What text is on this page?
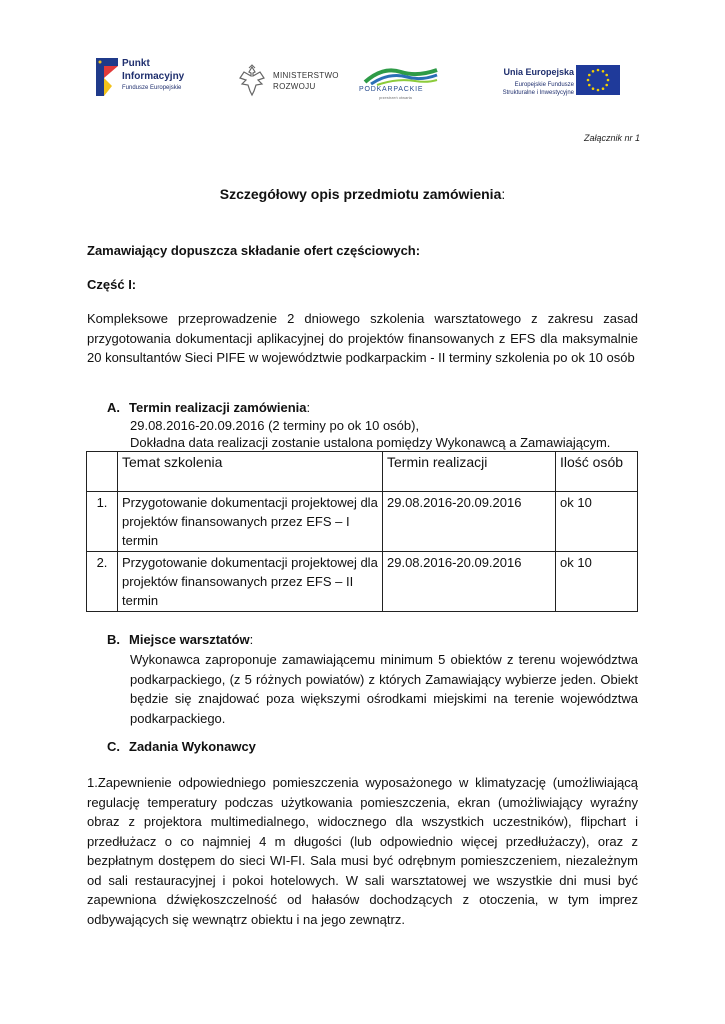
Punkt
Informacyjny
Fundusze Europejskie
MINISTERSTWO
ROZWOJU	PODKARPACKIE
przestrzeń otwarta
Unia Europejska
Europejskie Fundusze
Strukturalne i Inwestycyjne
Załącznik nr 1
Szczegółowy opis przedmiotu zamówienia:
Zamawiający dopuszcza składanie ofert częściowych:
Część I:
Kompleksowe przeprowadzenie 2 dniowego szkolenia warsztatowego z zakresu zasad przygotowania dokumentacji aplikacyjnej do projektów finansowanych z EFS dla maksymalnie 20 konsultantów Sieci PIFE w województwie podkarpackim - II terminy szkolenia po ok 10 osób
A. Termin realizacji zamówienia:
29.08.2016-20.09.2016 (2 terminy po ok 10 osób),
Dokładna data realizacji zostanie ustalona pomiędzy Wykonawcą a Zamawiającym.
	Temat szkolenia	Termin realizacji	Ilość osób
1.	Przygotowanie dokumentacji projektowej dla projektów finansowanych przez EFS – I termin	29.08.2016-20.09.2016	ok 10
2.	Przygotowanie dokumentacji projektowej dla projektów finansowanych przez EFS – II termin	29.08.2016-20.09.2016	ok 10
B. Miejsce warsztatów:
Wykonawca zaproponuje zamawiającemu minimum 5 obiektów z terenu województwa podkarpackiego, (z 5 różnych powiatów) z których Zamawiający wybierze jeden. Obiekt będzie się znajdować poza większymi ośrodkami miejskimi na terenie województwa podkarpackiego.
C. Zadania Wykonawcy
1.Zapewnienie odpowiedniego pomieszczenia wyposażonego w klimatyzację (umożliwiającą regulację temperatury podczas użytkowania pomieszczenia, ekran (umożliwiający wyraźny obraz z projektora multimedialnego, widocznego dla wszystkich uczestników), flipchart i przedłużacz o co najmniej 4 m długości (lub odpowiednio więcej przedłużaczy), oraz z bezpłatnym dostępem do sieci WI-FI. Sala musi być odrębnym pomieszczeniem, niezależnym od sali restauracyjnej i pokoi hotelowych. W sali warsztatowej we wszystkie dni musi być zapewniona dźwiękoszczelność od hałasów dochodzących z otoczenia, w tym imprez odbywających się wewnątrz obiektu i na jego zewnątrz.
